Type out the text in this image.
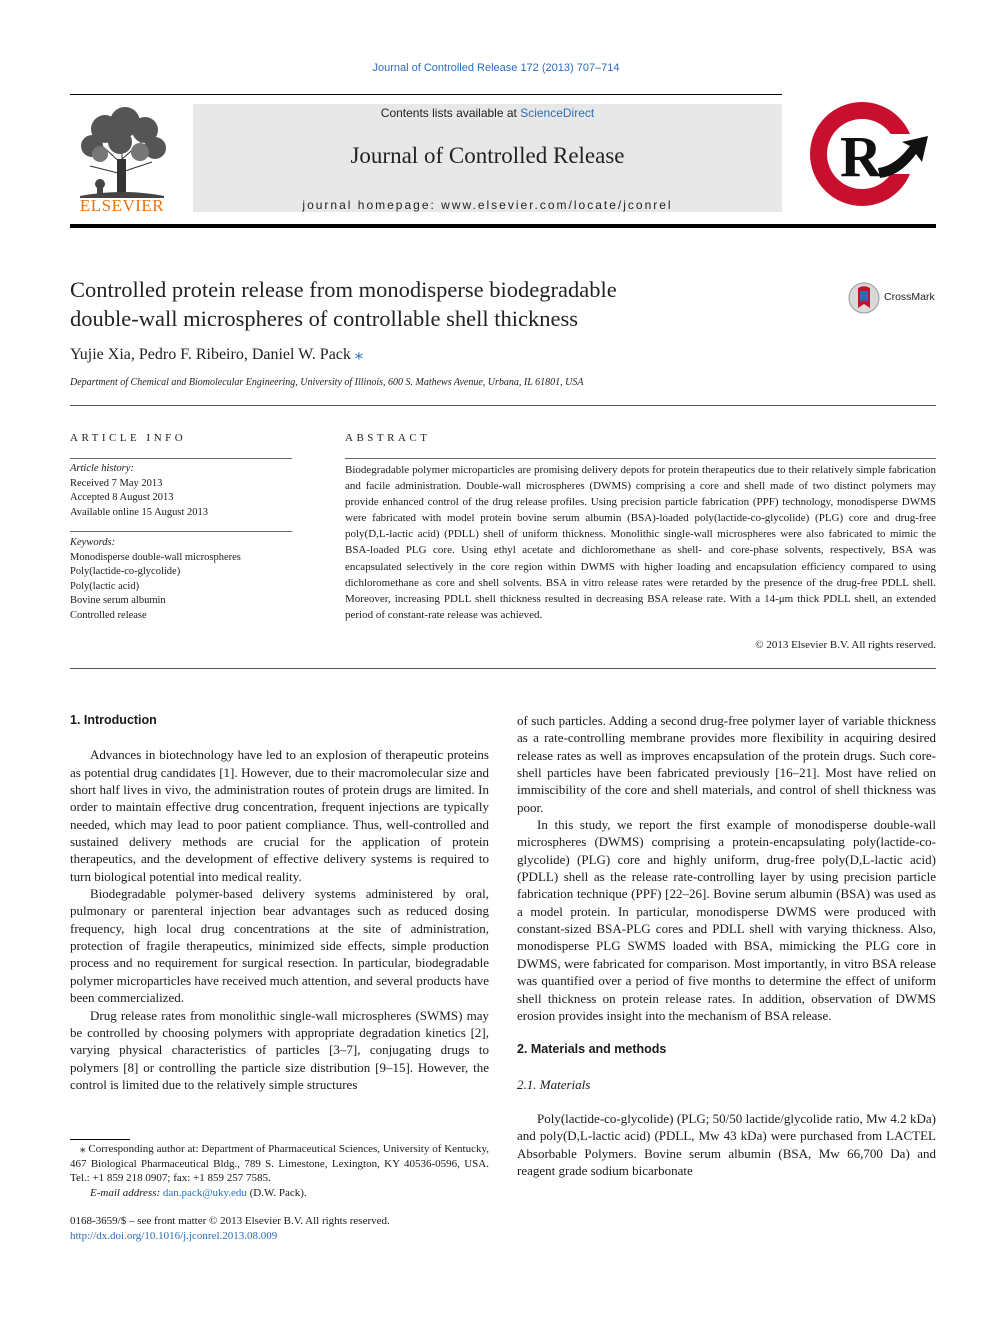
Journal of Controlled Release 172 (2013) 707–714
ELSEVIER
Contents lists available at ScienceDirect
Journal of Controlled Release
journal homepage: www.elsevier.com/locate/jconrel
R
Controlled protein release from monodisperse biodegradable
double-wall microspheres of controllable shell thickness
CrossMark
Yujie Xia, Pedro F. Ribeiro, Daniel W. Pack ⁎
Department of Chemical and Biomolecular Engineering, University of Illinois, 600 S. Mathews Avenue, Urbana, IL 61801, USA
ARTICLE INFO	ABSTRACT
Article history:
Received 7 May 2013
Accepted 8 August 2013
Available online 15 August 2013
Keywords:
Monodisperse double-wall microspheres
Poly(lactide-co-glycolide)
Poly(lactic acid)
Bovine serum albumin
Controlled release
Biodegradable polymer microparticles are promising delivery depots for protein therapeutics due to their relatively simple fabrication and facile administration. Double-wall microspheres (DWMS) comprising a core and shell made of two distinct polymers may provide enhanced control of the drug release profiles. Using precision particle fabrication (PPF) technology, monodisperse DWMS were fabricated with model protein bovine serum albumin (BSA)-loaded poly(lactide-co-glycolide) (PLG) core and drug-free poly(D,L-lactic acid) (PDLL) shell of uniform thickness. Monolithic single-wall microspheres were also fabricated to mimic the BSA-loaded PLG core. Using ethyl acetate and dichloromethane as shell- and core-phase solvents, respectively, BSA was encapsulated selectively in the core region within DWMS with higher loading and encapsulation efficiency compared to using dichloromethane as core and shell solvents. BSA in vitro release rates were retarded by the presence of the drug-free PDLL shell. Moreover, increasing PDLL shell thickness resulted in decreasing BSA release rate. With a 14-μm thick PDLL shell, an extended period of constant-rate release was achieved.
© 2013 Elsevier B.V. All rights reserved.

1. Introduction

Advances in biotechnology have led to an explosion of therapeutic proteins as potential drug candidates [1]. However, due to their macromolecular size and short half lives in vivo, the administration routes of protein drugs are limited. In order to maintain effective drug concentration, frequent injections are typically needed, which may lead to poor patient compliance. Thus, well-controlled and sustained delivery methods are crucial for the application of protein therapeutics, and the development of effective delivery systems is required to turn biological potential into medical reality.

Biodegradable polymer-based delivery systems administered by oral, pulmonary or parenteral injection bear advantages such as reduced dosing frequency, high local drug concentrations at the site of administration, protection of fragile therapeutics, minimized side effects, simple production process and no requirement for surgical resection. In particular, biodegradable polymer microparticles have received much attention, and several products have been commercialized.

Drug release rates from monolithic single-wall microspheres (SWMS) may be controlled by choosing polymers with appropriate degradation kinetics [2], varying physical characteristics of particles [3–7], conjugating drugs to polymers [8] or controlling the particle size distribution [9–15]. However, the control is limited due to the relatively simple structures

of such particles. Adding a second drug-free polymer layer of variable thickness as a rate-controlling membrane provides more flexibility in acquiring desired release rates as well as improves encapsulation of the protein drugs. Such core-shell particles have been fabricated previously [16–21]. Most have relied on immiscibility of the core and shell materials, and control of shell thickness was poor.

In this study, we report the first example of monodisperse double-wall microspheres (DWMS) comprising a protein-encapsulating poly(lactide-co-glycolide) (PLG) core and highly uniform, drug-free poly(D,L-lactic acid) (PDLL) shell as the release rate-controlling layer by using precision particle fabrication technique (PPF) [22–26]. Bovine serum albumin (BSA) was used as a model protein. In particular, monodisperse DWMS were produced with constant-sized BSA-PLG cores and PDLL shell with varying thickness. Also, monodisperse PLG SWMS loaded with BSA, mimicking the PLG core in DWMS, were fabricated for comparison. Most importantly, in vitro BSA release was quantified over a period of five months to determine the effect of uniform shell thickness on protein release rates. In addition, observation of DWMS erosion provides insight into the mechanism of BSA release.

2. Materials and methods

2.1. Materials

Poly(lactide-co-glycolide) (PLG; 50/50 lactide/glycolide ratio, Mw 4.2 kDa) and poly(D,L-lactic acid) (PDLL, Mw 43 kDa) were purchased from LACTEL Absorbable Polymers. Bovine serum albumin (BSA, Mw 66,700 Da) and reagent grade sodium bicarbonate

⁎ Corresponding author at: Department of Pharmaceutical Sciences, University of Kentucky, 467 Biological Pharmaceutical Bldg., 789 S. Limestone, Lexington, KY 40536-0596, USA. Tel.: +1 859 218 0907; fax: +1 859 257 7585.
E-mail address: dan.pack@uky.edu (D.W. Pack).
0168-3659/$ – see front matter © 2013 Elsevier B.V. All rights reserved.
http://dx.doi.org/10.1016/j.jconrel.2013.08.009
